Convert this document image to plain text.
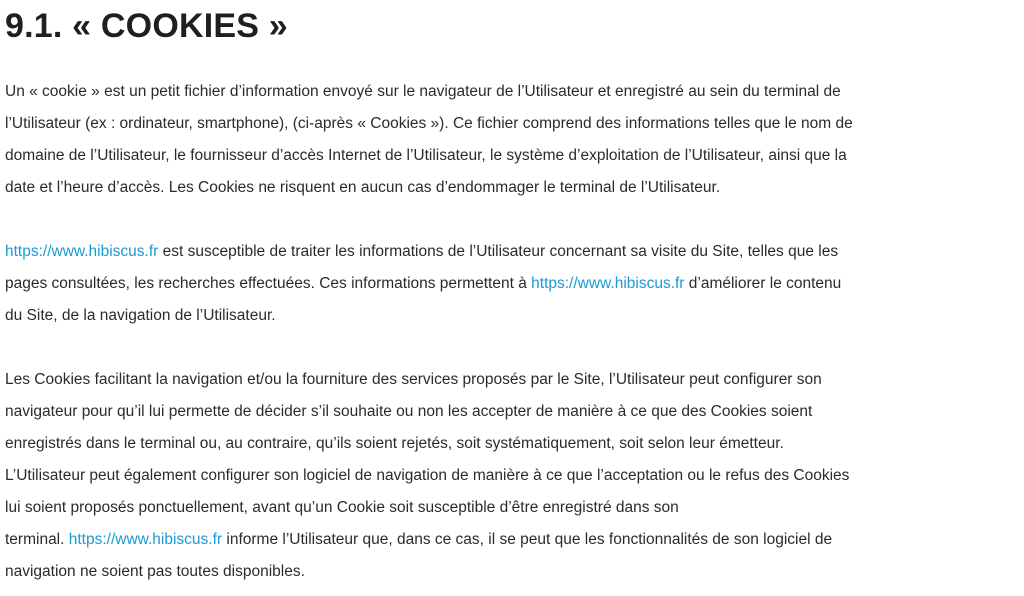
9.1. « COOKIES »

Un « cookie » est un petit fichier d’information envoyé sur le navigateur de l’Utilisateur et enregistré au sein du terminal de
l’Utilisateur (ex : ordinateur, smartphone), (ci-après « Cookies »). Ce fichier comprend des informations telles que le nom de
domaine de l’Utilisateur, le fournisseur d’accès Internet de l’Utilisateur, le système d’exploitation de l’Utilisateur, ainsi que la
date et l’heure d’accès. Les Cookies ne risquent en aucun cas d’endommager le terminal de l’Utilisateur.

https://www.hibiscus.fr est susceptible de traiter les informations de l’Utilisateur concernant sa visite du Site, telles que les
pages consultées, les recherches effectuées. Ces informations permettent à https://www.hibiscus.fr d’améliorer le contenu
du Site, de la navigation de l’Utilisateur.

Les Cookies facilitant la navigation et/ou la fourniture des services proposés par le Site, l’Utilisateur peut configurer son
navigateur pour qu’il lui permette de décider s’il souhaite ou non les accepter de manière à ce que des Cookies soient
enregistrés dans le terminal ou, au contraire, qu’ils soient rejetés, soit systématiquement, soit selon leur émetteur.
L’Utilisateur peut également configurer son logiciel de navigation de manière à ce que l’acceptation ou le refus des Cookies
lui soient proposés ponctuellement, avant qu’un Cookie soit susceptible d’être enregistré dans son
terminal. https://www.hibiscus.fr informe l’Utilisateur que, dans ce cas, il se peut que les fonctionnalités de son logiciel de
navigation ne soient pas toutes disponibles.
